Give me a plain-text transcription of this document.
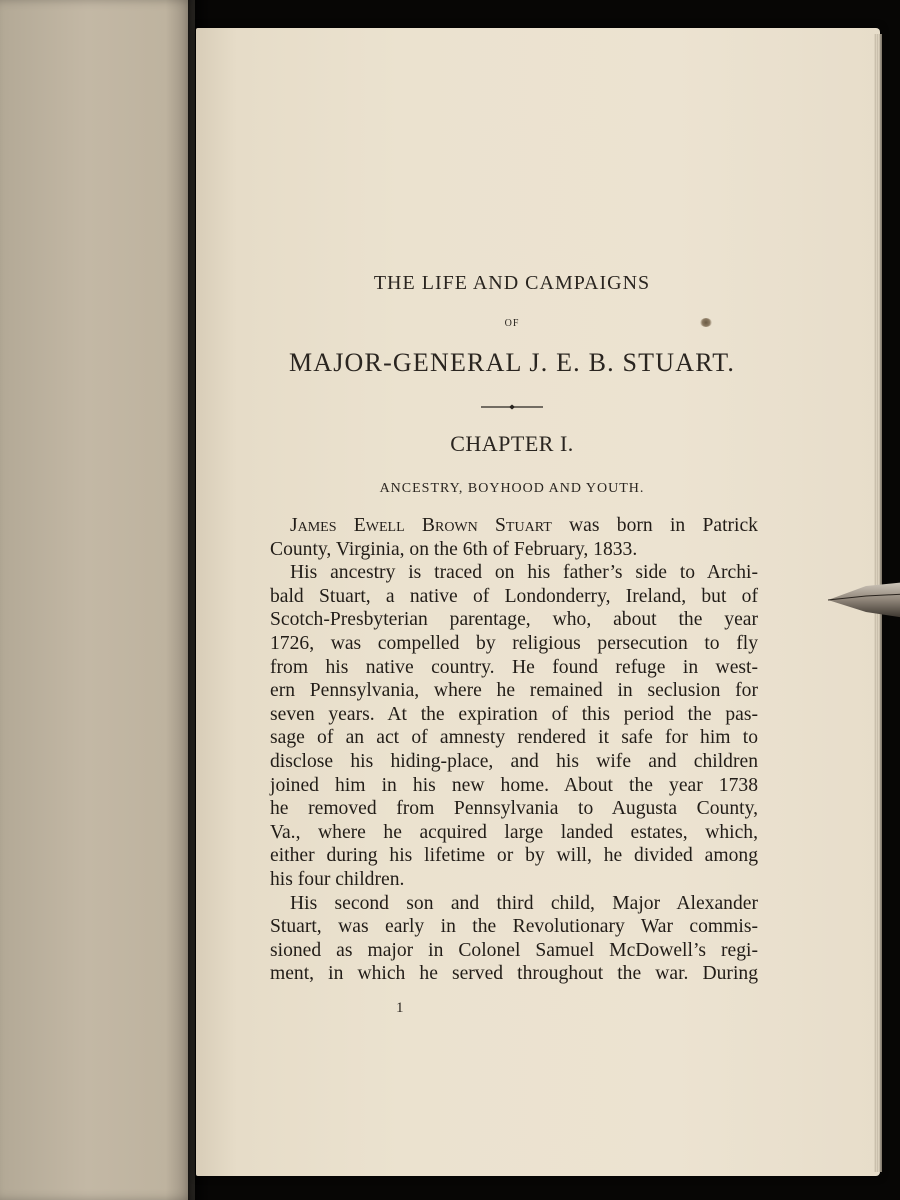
THE LIFE AND CAMPAIGNS
OF
MAJOR-GENERAL J. E. B. STUART.
CHAPTER I.
ANCESTRY, BOYHOOD AND YOUTH.
James Ewell Brown Stuart was born in Patrick
County, Virginia, on the 6th of February, 1833.
His ancestry is traced on his father’s side to Archi-
bald Stuart, a native of Londonderry, Ireland, but of
Scotch-Presbyterian parentage, who, about the year
1726, was compelled by religious persecution to fly
from his native country. He found refuge in west-
ern Pennsylvania, where he remained in seclusion for
seven years. At the expiration of this period the pas-
sage of an act of amnesty rendered it safe for him to
disclose his hiding-place, and his wife and children
joined him in his new home. About the year 1738
he removed from Pennsylvania to Augusta County,
Va., where he acquired large landed estates, which,
either during his lifetime or by will, he divided among
his four children.
His second son and third child, Major Alexander
Stuart, was early in the Revolutionary War commis-
sioned as major in Colonel Samuel McDowell’s regi-
ment, in which he served throughout the war. During
1
